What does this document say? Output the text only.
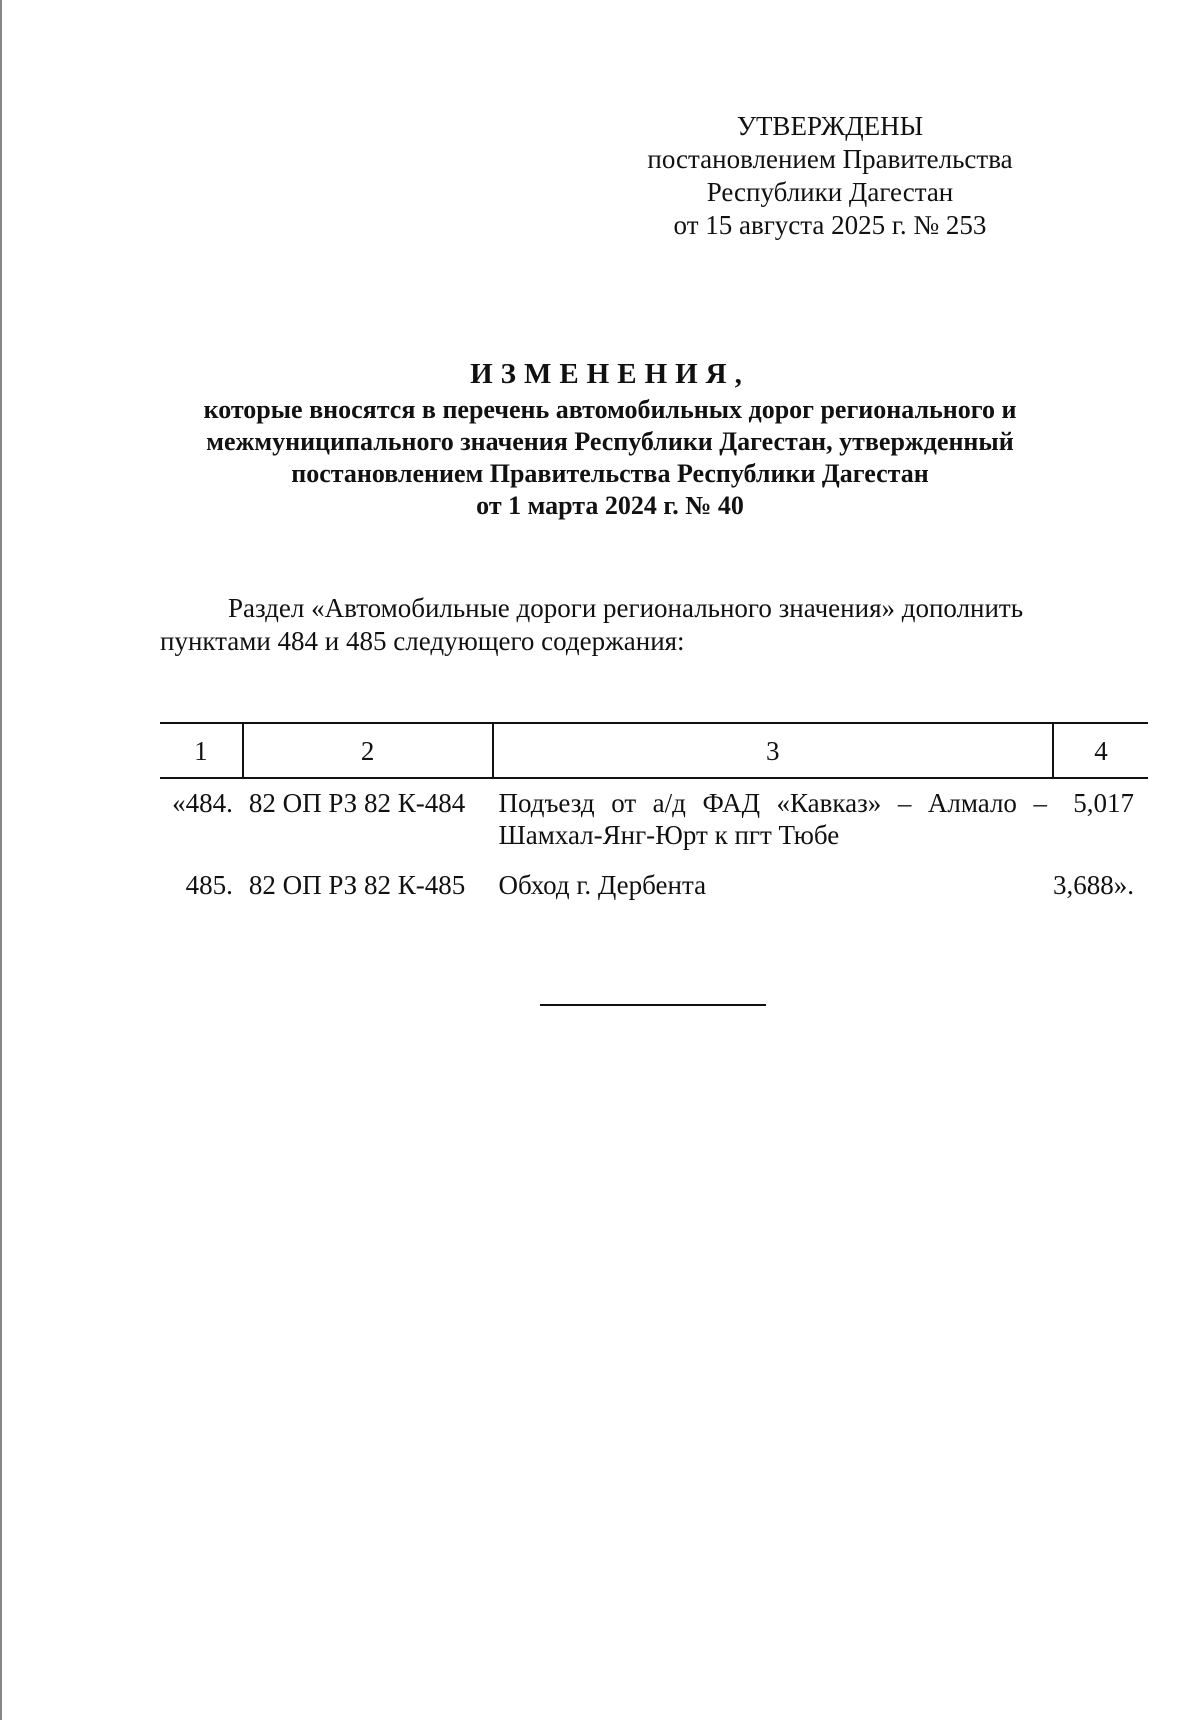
УТВЕРЖДЕНЫ
постановлением Правительства
Республики Дагестан
от 15 августа 2025 г. № 253
ИЗМЕНЕНИЯ,
которые вносятся в перечень автомобильных дорог регионального и
межмуниципального значения Республики Дагестан, утвержденный
постановлением Правительства Республики Дагестан
от 1 марта 2024 г. № 40
Раздел «Автомобильные дороги регионального значения» дополнить
пунктами 484 и 485 следующего содержания:
1	2	3	4
«484.	82 ОП РЗ 82 К-484	Подъезд от а/д ФАД «Кавказ» – Алмало – Шамхал-Янг-Юрт к пгт Тюбе	5,017
485.	82 ОП РЗ 82 К-485	Обход г. Дербента	3,688».
